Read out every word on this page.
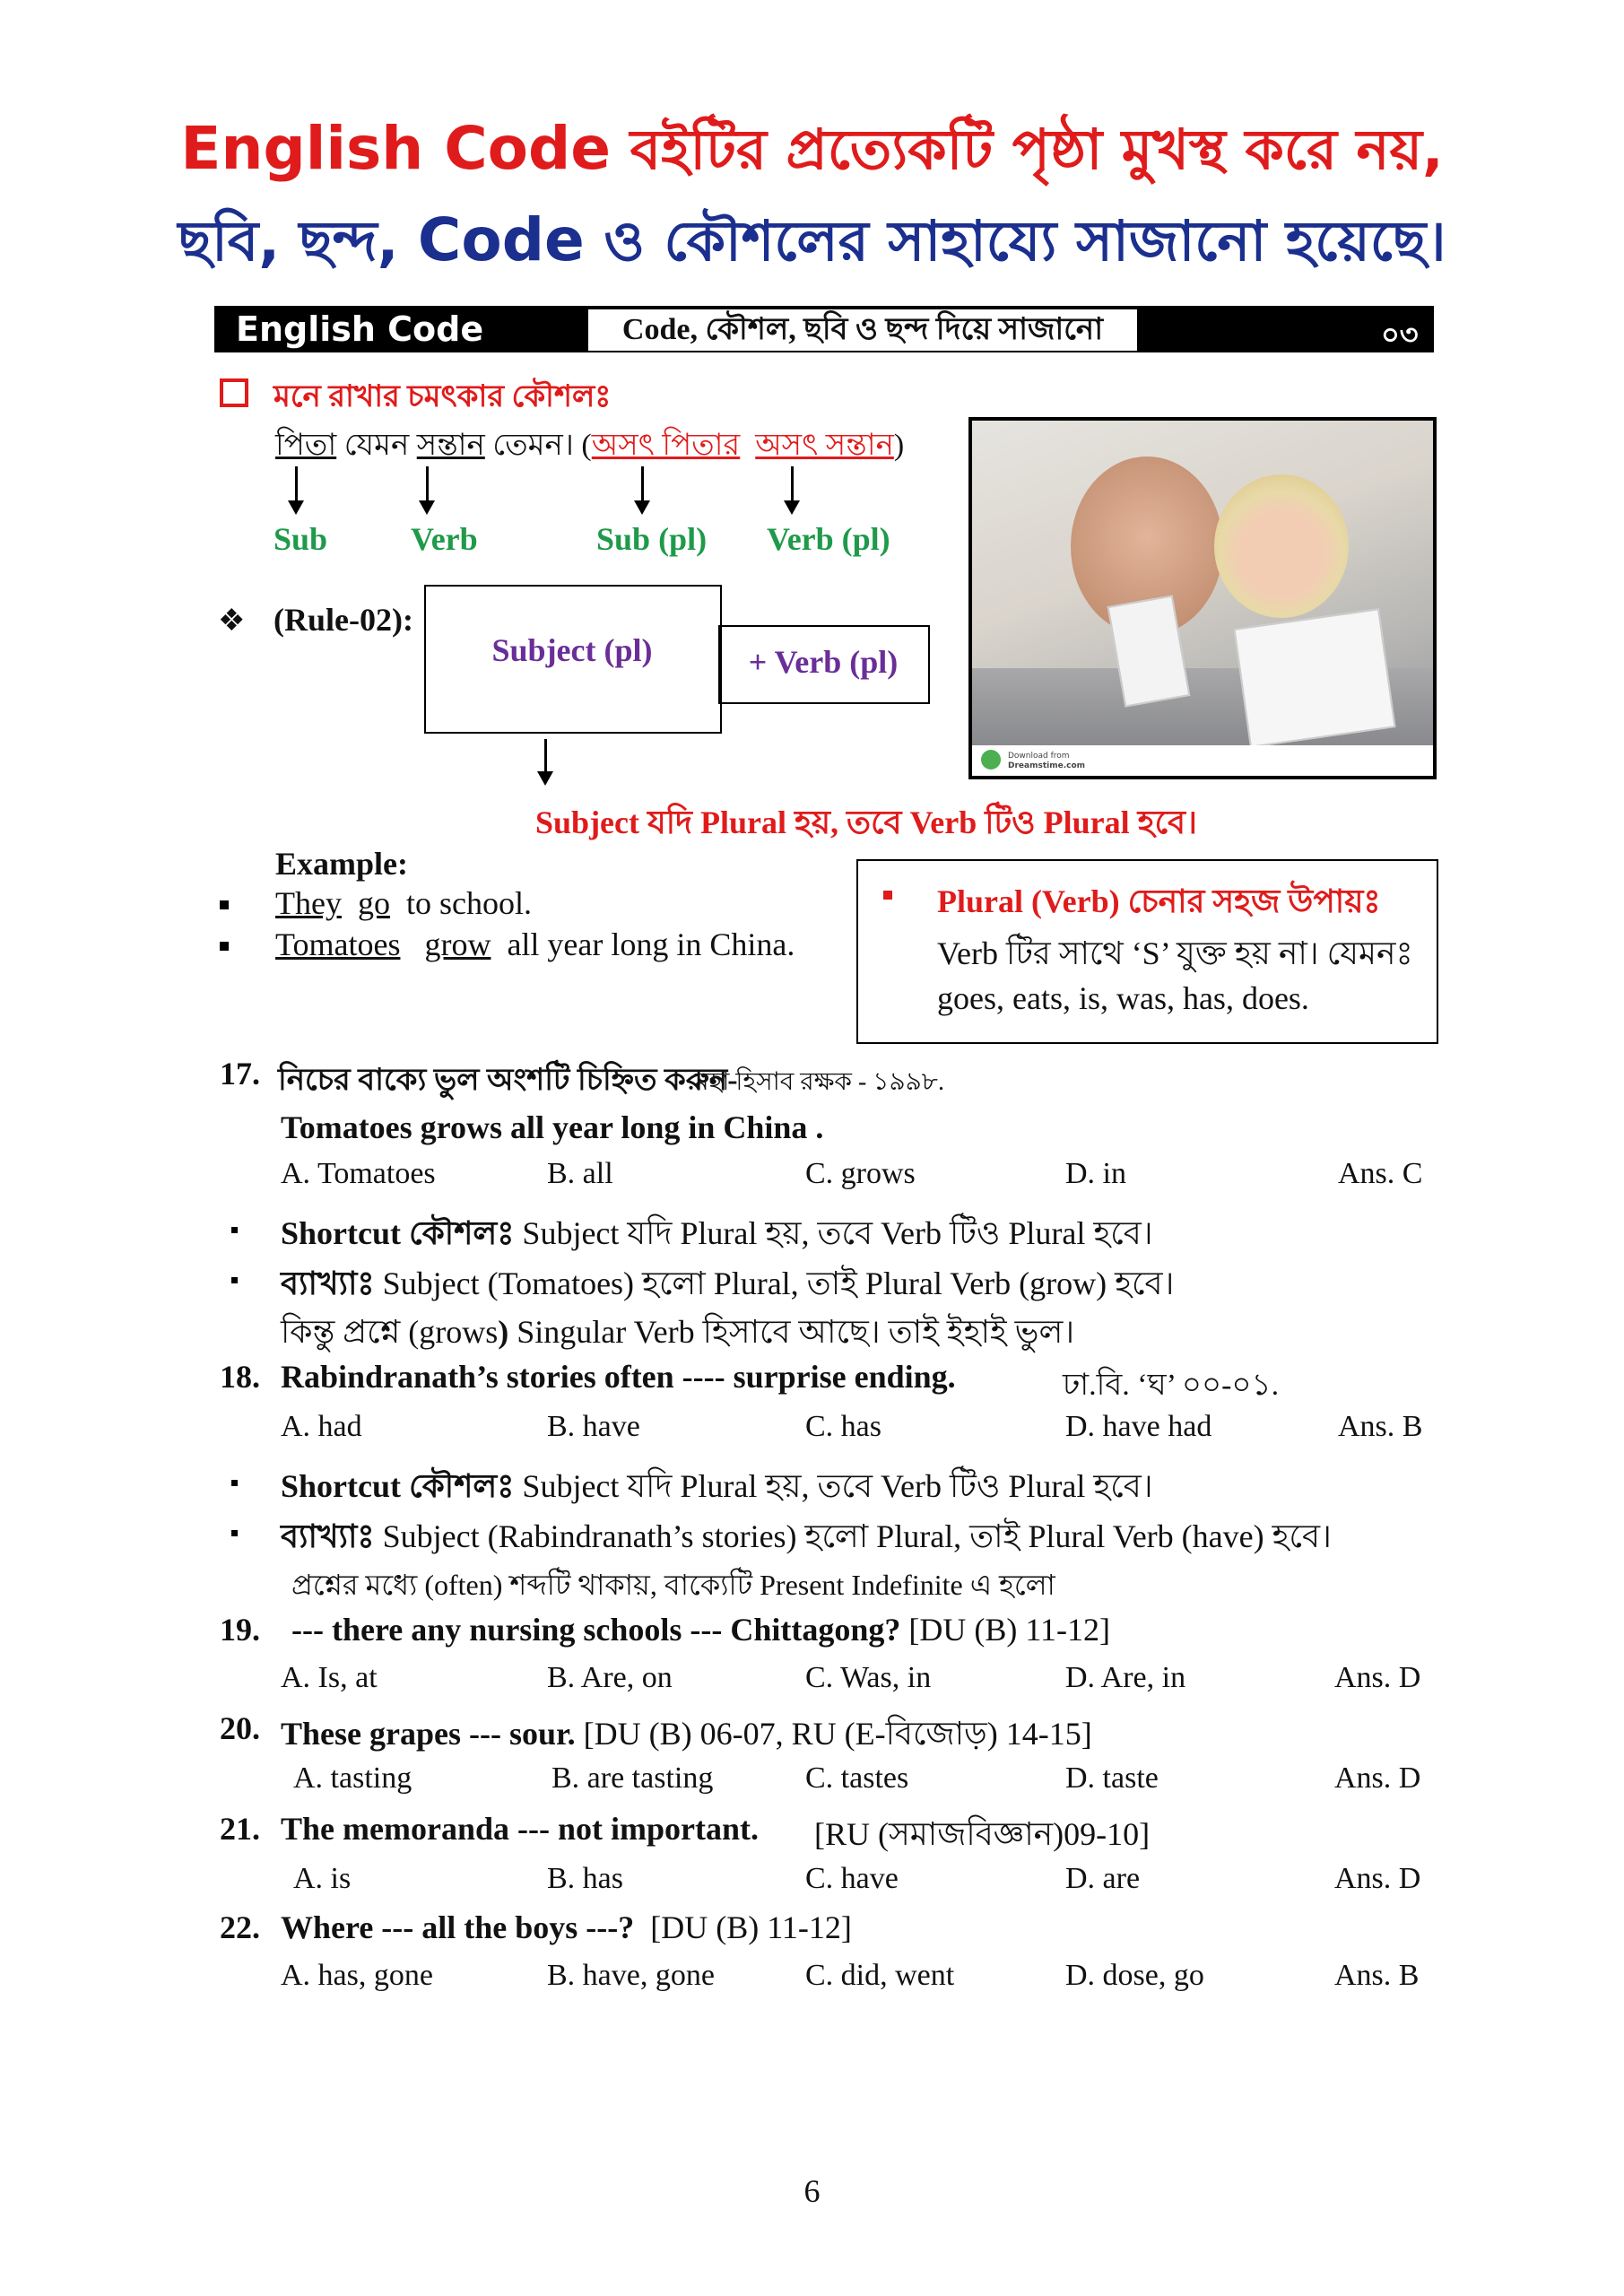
English Code বইটির প্রত্যেকটি পৃষ্ঠা মুখস্থ করে নয়,
ছবি, ছন্দ, Code ও কৌশলের সাহায্যে সাজানো হয়েছে।
English Code	Code, কৌশল, ছবি ও ছন্দ দিয়ে সাজানো	০৩
মনে রাখার চমৎকার কৌশলঃ
পিতা যেমন সন্তান তেমন। (অসৎ পিতার অসৎ সন্তান)
Sub	Verb	Sub (pl) Verb (pl)
❖ (Rule-02):
Subject (pl)	+ Verb (pl)
Subject যদি Plural হয়, তবে Verb টিও Plural হবে।
Download from
Dreamstime.com
Example:
They go to school.
Tomatoes grow all year long in China.
Plural (Verb) চেনার সহজ উপায়ঃ
Verb টির সাথে ‘S’ যুক্ত হয় না। যেমনঃ
goes, eats, is, was, has, does.
17. নিচের বাক্যে ভুল অংশটি চিহ্নিত করুন-
মহা হিসাব রক্ষক - ১৯৯৮.
Tomatoes grows all year long in China .
A. Tomatoes	B. all	C. grows	D. in	Ans. C
Shortcut কৌশলঃ Subject যদি Plural হয়, তবে Verb টিও Plural হবে।
ব্যাখ্যাঃ Subject (Tomatoes) হলো Plural, তাই Plural Verb (grow) হবে।
কিন্তু প্রশ্নে (grows) Singular Verb হিসাবে আছে। তাই ইহাই ভুল।
18. Rabindranath’s stories often ---- surprise ending.	ঢা.বি. ‘ঘ’ ০০-০১.
A. had	B. have	C. has	D. have had	Ans. B
Shortcut কৌশলঃ Subject যদি Plural হয়, তবে Verb টিও Plural হবে।
ব্যাখ্যাঃ Subject (Rabindranath’s stories) হলো Plural, তাই Plural Verb (have) হবে।
প্রশ্নের মধ্যে (often) শব্দটি থাকায়, বাক্যেটি Present Indefinite এ হলো
19. --- there any nursing schools --- Chittagong? [DU (B) 11-12]
A. Is, at	B. Are, on	C. Was, in	D. Are, in	Ans. D
20. These grapes --- sour. [DU (B) 06-07, RU (E-বিজোড়) 14-15]
A. tasting	B. are tasting	C. tastes	D. taste	Ans. D
21. The memoranda --- not important. [RU (সমাজবিজ্ঞান)09-10]
A. is	B. has	C. have	D. are	Ans. D
22. Where --- all the boys ---?  [DU (B) 11-12]
A. has, gone	B. have, gone	C. did, went	D. dose, go	Ans. B
6
